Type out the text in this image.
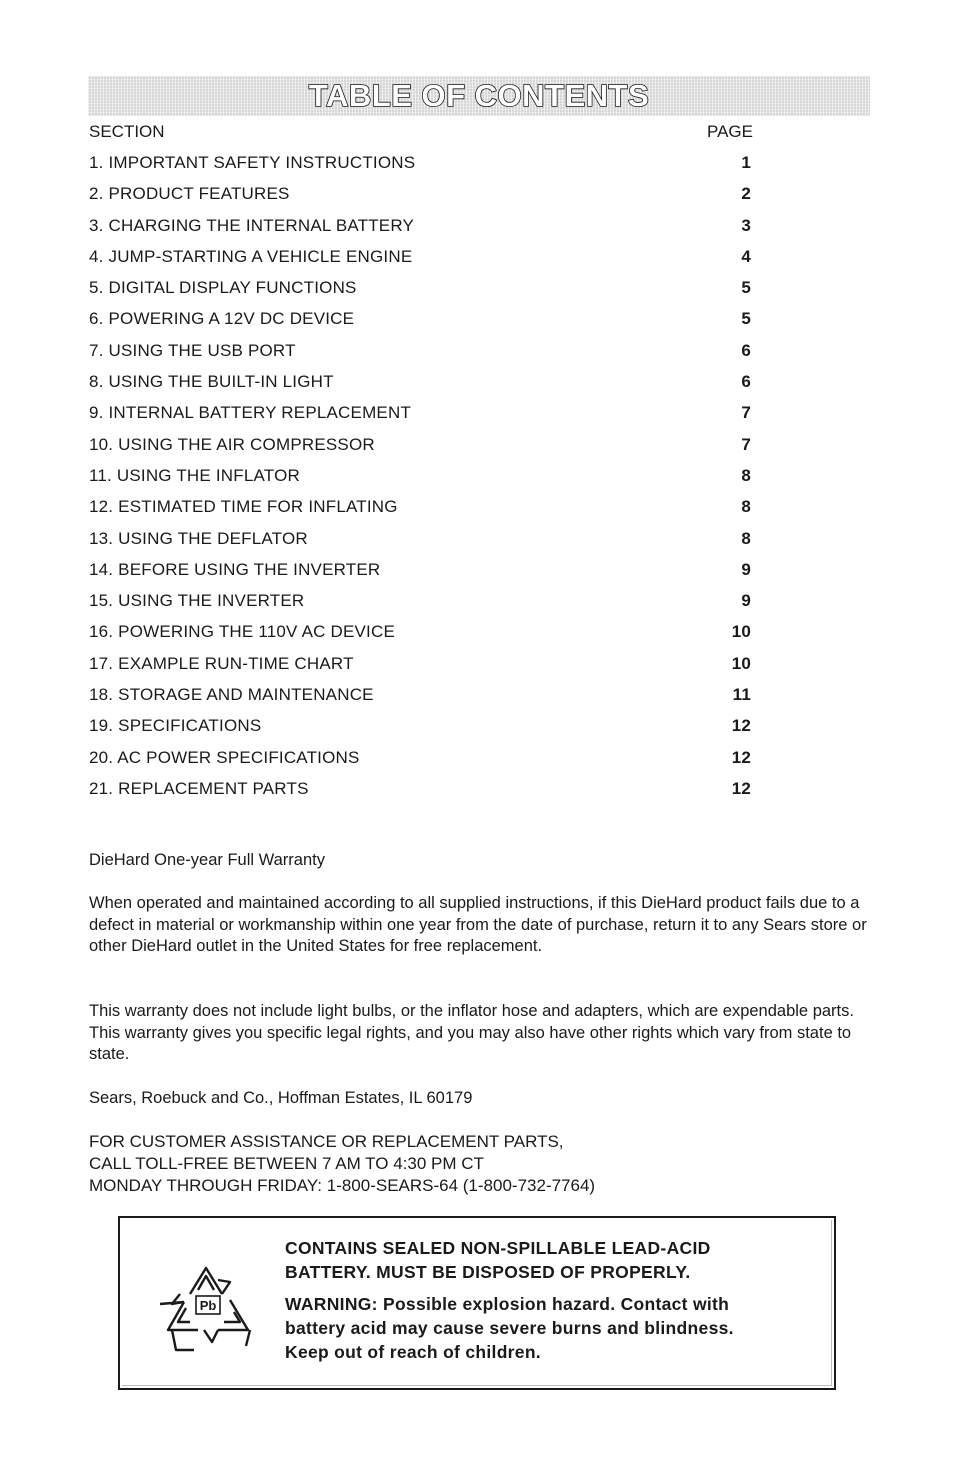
TABLE OF CONTENTS
SECTION	PAGE
1. IMPORTANT SAFETY INSTRUCTIONS	1
2. PRODUCT FEATURES	2
3. CHARGING THE INTERNAL BATTERY	3
4. JUMP-STARTING A VEHICLE ENGINE	4
5. DIGITAL DISPLAY FUNCTIONS	5
6. POWERING A 12V DC DEVICE	5
7. USING THE USB PORT	6
8. USING THE BUILT-IN LIGHT	6
9. INTERNAL BATTERY REPLACEMENT	7
10. USING THE AIR COMPRESSOR	7
11. USING THE INFLATOR	8
12. ESTIMATED TIME FOR INFLATING	8
13. USING THE DEFLATOR	8
14. BEFORE USING THE INVERTER	9
15. USING THE INVERTER	9
16. POWERING THE 110V AC DEVICE	10
17. EXAMPLE RUN-TIME CHART	10
18. STORAGE AND MAINTENANCE	11
19. SPECIFICATIONS	12
20. AC POWER SPECIFICATIONS	12
21. REPLACEMENT PARTS	12

DieHard One-year Full Warranty

When operated and maintained according to all supplied instructions, if this DieHard product fails due to a defect in material or workmanship within one year from the date of purchase, return it to any Sears store or other DieHard outlet in the United States for free replacement.

This warranty does not include light bulbs, or the inflator hose and adapters, which are expendable parts. This warranty gives you specific legal rights, and you may also have other rights which vary from state to state.

Sears, Roebuck and Co., Hoffman Estates, IL 60179

FOR CUSTOMER ASSISTANCE OR REPLACEMENT PARTS,
CALL TOLL-FREE BETWEEN 7 AM TO 4:30 PM CT
MONDAY THROUGH FRIDAY: 1-800-SEARS-64 (1-800-732-7764)
Pb

CONTAINS SEALED NON-SPILLABLE LEAD-ACID

BATTERY. MUST BE DISPOSED OF PROPERLY.

WARNING: Possible explosion hazard. Contact with

battery acid may cause severe burns and blindness.

Keep out of reach of children.
